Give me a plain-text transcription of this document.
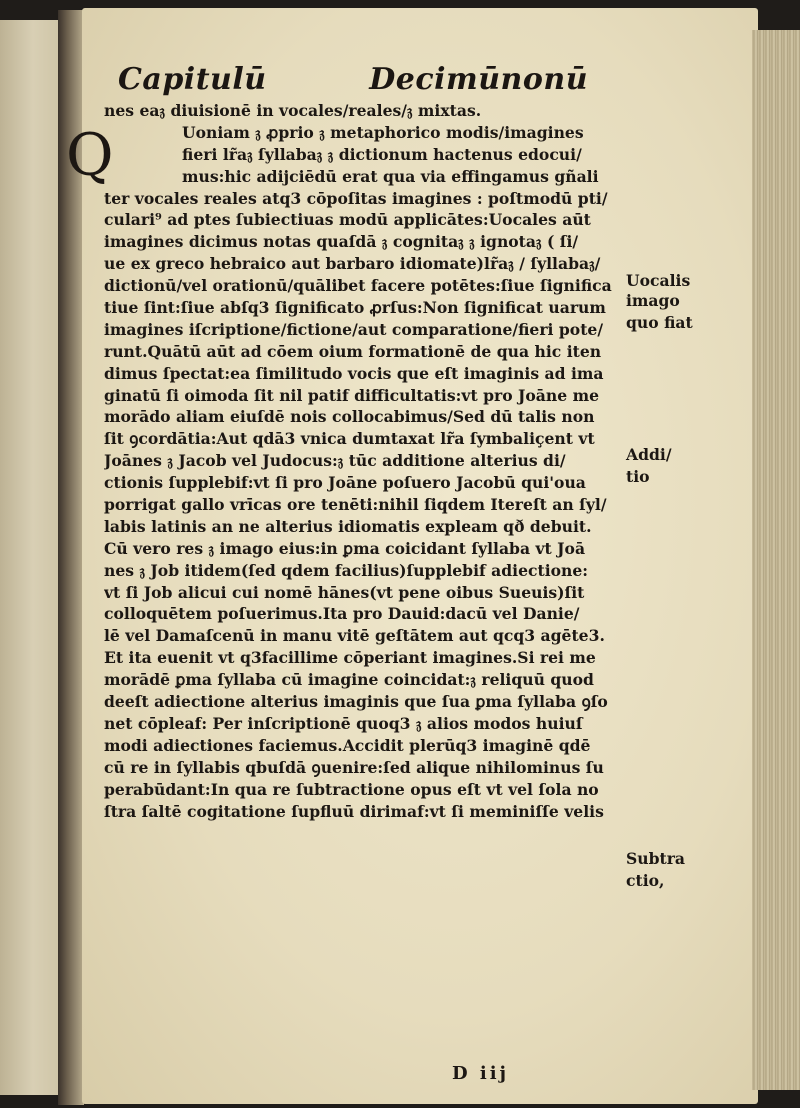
Capitulū	Decimūnonū
Q
nes ea𝔷 diuisionē in vocales/reales/𝔷 mixtas.
Uoniam 𝔷 ꝓprio 𝔷 metaphorico modis/imagines
fieri lr̃a𝔷 ſyllaba𝔷 𝔷 dictionum hactenus edocui/
mus:hic adijciēdū erat qua via effingamus gñali
ter vocales reales atq3 cōpoſitas imagines : poſtmodū pti/
culari⁹ ad ptes ſubiectiuas modū applicātes:Uocales aūt
imagines dicimus notas quaſdā 𝔷 cognita𝔷 𝔷 ignota𝔷 ( ſi/
ue ex greco hebraico aut barbaro idiomate)lr̃a𝔷 / ſyllaba𝔷/
dictionū/vel orationū/quālibet facere potētes:ſiue ſignifica
tiue ſint:ſiue abſq3 ſignificato ꝓrſus:Non ſignificat uarum
imagines iſcriptione/fictione/aut comparatione/fieri pote/
runt.Quātū aūt ad cōem oium formationē de qua hic iten
dimus ſpectat:ea ſimilitudo vocis que eſt imaginis ad ima
ginatū ſi oimoda ſit nil patif difficultatis:vt pro Joāne me
morādo aliam eiuſdē nois collocabimus/Sed dū talis non
ſit ꝯcordātia:Aut qdā3 vnica dumtaxat lr̃a ſymbaliçent vt
Joānes 𝔷 Jacob vel Judocus:𝔷 tūc additione alterius di/
ctionis ſupplebif:vt ſi pro Joāne poſuero Jacobū qui'oua
porrigat gallo vrīcas ore tenēti:nihil ſiqdem Itereſt an ſyl/
labis latinis an ne alterius idiomatis expleam qð debuit.
Cū vero res 𝔷 imago eius:in ꝑma coicidant ſyllaba vt Joā
nes 𝔷 Job itidem(ſed qdem facilius)ſupplebif adiectione:
vt ſi Job alicui cui nomē hānes(vt pene oibus Sueuis)ſit
colloquētem poſuerimus.Ita pro Dauid:dacū vel Danie/
lē vel Damaſcenū in manu vitē geſtātem aut qcq3 agēte3.
Et ita euenit vt q3facillime cōperiant imagines.Si rei me
morādē ꝑma ſyllaba cū imagine coincidat:𝔷 reliquū quod
deeſt adiectione alterius imaginis que ſua ꝑma ſyllaba ꝯſo
net cōpleaf: Per inſcriptionē quoq3 𝔷 alios modos huiuſ
modi adiectiones faciemus.Accidit plerūq3 imaginē qdē
cū re in ſyllabis qbuſdā ꝯuenire:ſed alique nihilominus ſu
perabūdant:In qua re ſubtractione opus eſt vt vel ſola no
ſtra ſaltē cogitatione ſupfluū dirimaf:vt ſi meminiſſe velis
Uocalis
imago
quo fiat
Addi/
tio
Subtra
ctio,
D iij
